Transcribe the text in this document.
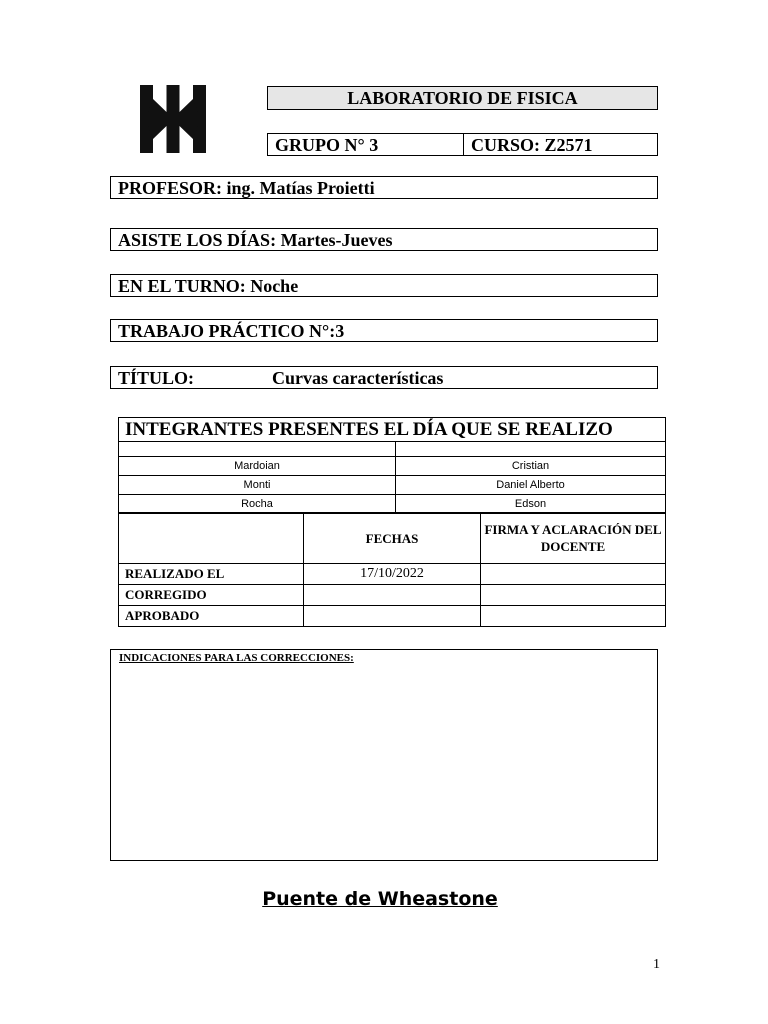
LABORATORIO DE FISICA
GRUPO N° 3	CURSO: Z2571
PROFESOR: ing. Matías Proietti
ASISTE LOS DÍAS: Martes-Jueves
EN EL TURNO: Noche
TRABAJO PRÁCTICO N°:3
TÍTULO:	Curvas características
INTEGRANTES PRESENTES EL DÍA QUE SE REALIZO	

Mardoian	Cristian
Monti	Daniel Alberto
Rocha	Edson
	FECHAS	FIRMA Y ACLARACIÓN DEL DOCENTE
REALIZADO EL	17/10/2022	
CORREGIDO		
APROBADO		
INDICACIONES PARA LAS CORRECCIONES:
Puente de Wheastone
1
